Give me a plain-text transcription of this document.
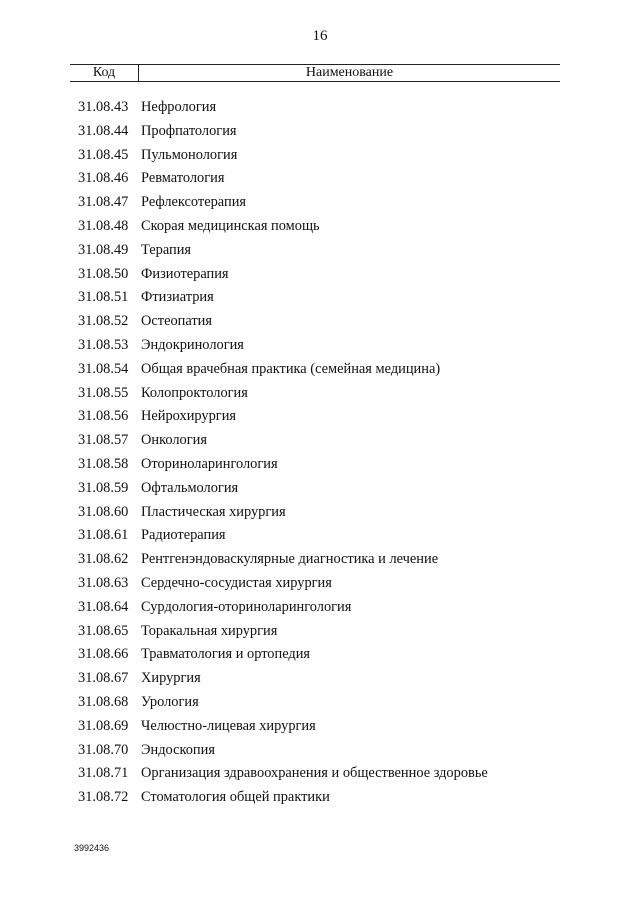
16
Код	Наименование
31.08.43 Нефрология
31.08.44 Профпатология
31.08.45 Пульмонология
31.08.46 Ревматология
31.08.47 Рефлексотерапия
31.08.48 Скорая медицинская помощь
31.08.49 Терапия
31.08.50 Физиотерапия
31.08.51 Фтизиатрия
31.08.52 Остеопатия
31.08.53 Эндокринология
31.08.54 Общая врачебная практика (семейная медицина)
31.08.55 Колопроктология
31.08.56 Нейрохирургия
31.08.57 Онкология
31.08.58 Оториноларингология
31.08.59 Офтальмология
31.08.60 Пластическая хирургия
31.08.61 Радиотерапия
31.08.62 Рентгенэндоваскулярные диагностика и лечение
31.08.63 Сердечно-сосудистая хирургия
31.08.64 Сурдология-оториноларингология
31.08.65 Торакальная хирургия
31.08.66 Травматология и ортопедия
31.08.67 Хирургия
31.08.68 Урология
31.08.69 Челюстно-лицевая хирургия
31.08.70 Эндоскопия
31.08.71 Организация здравоохранения и общественное здоровье
31.08.72 Стоматология общей практики
3992436
